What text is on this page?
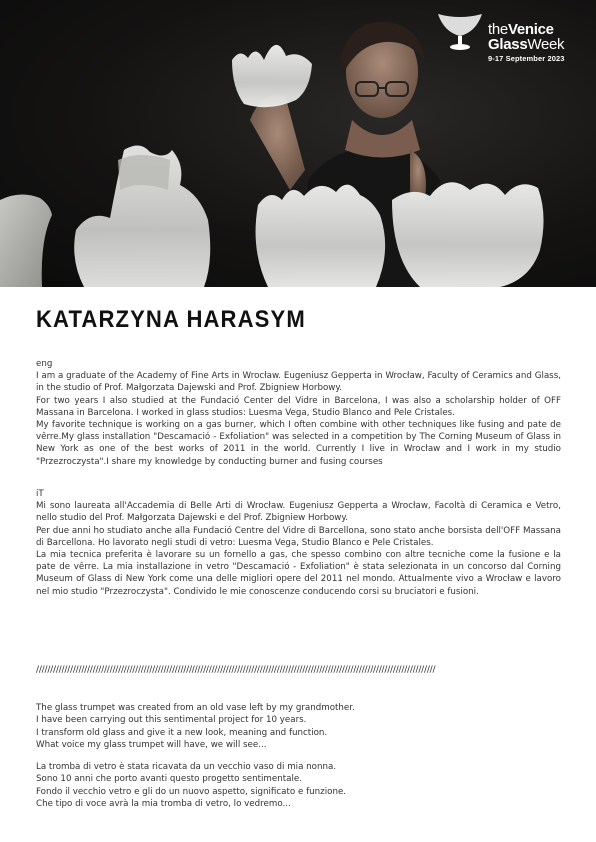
theVenice
GlassWeek
9-17 September 2023
KATARZYNA HARASYM

eng

I am a graduate of the Academy of Fine Arts in Wrocław. Eugeniusz Gepperta in Wrocław, Faculty of Ceramics and Glass, in the studio of Prof. Małgorzata Dajewski and Prof. Zbigniew Horbowy.

For two years I also studied at the Fundació Center del Vidre in Barcelona, I was also a scholarship holder of OFF Massana in Barcelona. I worked in glass studios: Luesma Vega, Studio Blanco and Pele Cristales.

My favorite technique is working on a gas burner, which I often combine with other techniques like fusing and pate de vêrre.My glass installation "Descamació - Exfoliation" was selected in a competition by The Corning Museum of Glass in New York as one of the best works of 2011 in the world. Currently I live in Wrocław and I work in my studio "Przezroczysta".I share my knowledge by conducting burner and fusing courses

iT

Mi sono laureata all'Accademia di Belle Arti di Wrocław. Eugeniusz Gepperta a Wrocław, Facoltà di Ceramica e Vetro, nello studio del Prof. Małgorzata Dajewski e del Prof. Zbigniew Horbowy.

Per due anni ho studiato anche alla Fundació Centre del Vidre di Barcellona, sono stato anche borsista dell'OFF Massana di Barcellona. Ho lavorato negli studi di vetro: Luesma Vega, Studio Blanco e Pele Cristales.

La mia tecnica preferita è lavorare su un fornello a gas, che spesso combino con altre tecniche come la fusione e la pate de vêrre. La mia installazione in vetro "Descamació - Exfoliation" è stata selezionata in un concorso dal Corning Museum of Glass di New York come una delle migliori opere del 2011 nel mondo. Attualmente vivo a Wrocław e lavoro nel mio studio "Przezroczysta". Condivido le mie conoscenze conducendo corsi su bruciatori e fusioni.

/////////////////////////////////////////////////////////////////////////////////////////////////////////////////////////////////////////////

The glass trumpet was created from an old vase left by my grandmother.

I have been carrying out this sentimental project for 10 years.

I transform old glass and give it a new look, meaning and function.

What voice my glass trumpet will have, we will see...

La tromba di vetro è stata ricavata da un vecchio vaso di mia nonna.

Sono 10 anni che porto avanti questo progetto sentimentale.

Fondo il vecchio vetro e gli do un nuovo aspetto, significato e funzione.

Che tipo di voce avrà la mia tromba di vetro, lo vedremo...
